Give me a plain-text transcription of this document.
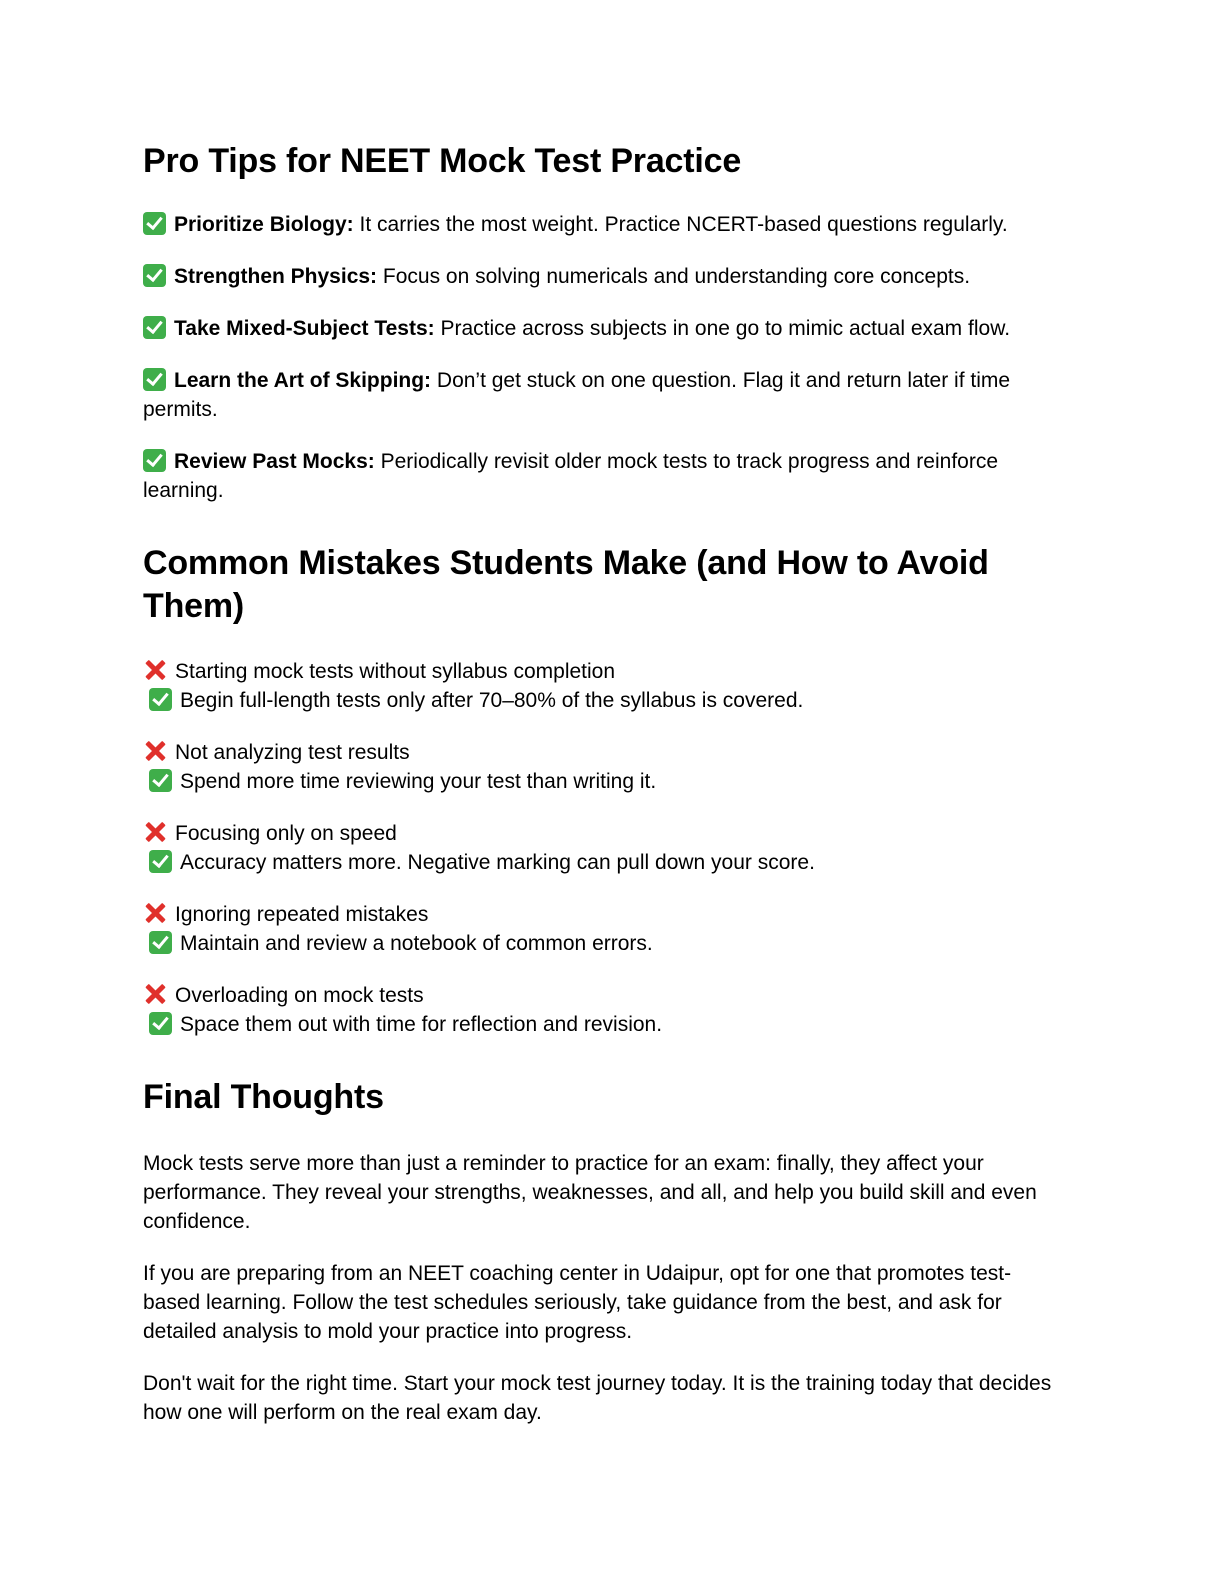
Pro Tips for NEET Mock Test Practice

Prioritize Biology: It carries the most weight. Practice NCERT-based questions regularly.

Strengthen Physics: Focus on solving numericals and understanding core concepts.

Take Mixed-Subject Tests: Practice across subjects in one go to mimic actual exam flow.

Learn the Art of Skipping: Don’t get stuck on one question. Flag it and return later if time permits.

Review Past Mocks: Periodically revisit older mock tests to track progress and reinforce learning.

Common Mistakes Students Make (and How to Avoid Them)
Starting mock tests without syllabus completion
Begin full-length tests only after 70–80% of the syllabus is covered.
Not analyzing test results
Spend more time reviewing your test than writing it.
Focusing only on speed
Accuracy matters more. Negative marking can pull down your score.
Ignoring repeated mistakes
Maintain and review a notebook of common errors.
Overloading on mock tests
Space them out with time for reflection and revision.
Final Thoughts

Mock tests serve more than just a reminder to practice for an exam: finally, they affect your performance. They reveal your strengths, weaknesses, and all, and help you build skill and even confidence.

If you are preparing from an NEET coaching center in Udaipur, opt for one that promotes test-based learning. Follow the test schedules seriously, take guidance from the best, and ask for detailed analysis to mold your practice into progress.

Don't wait for the right time. Start your mock test journey today. It is the training today that decides how one will perform on the real exam day.
